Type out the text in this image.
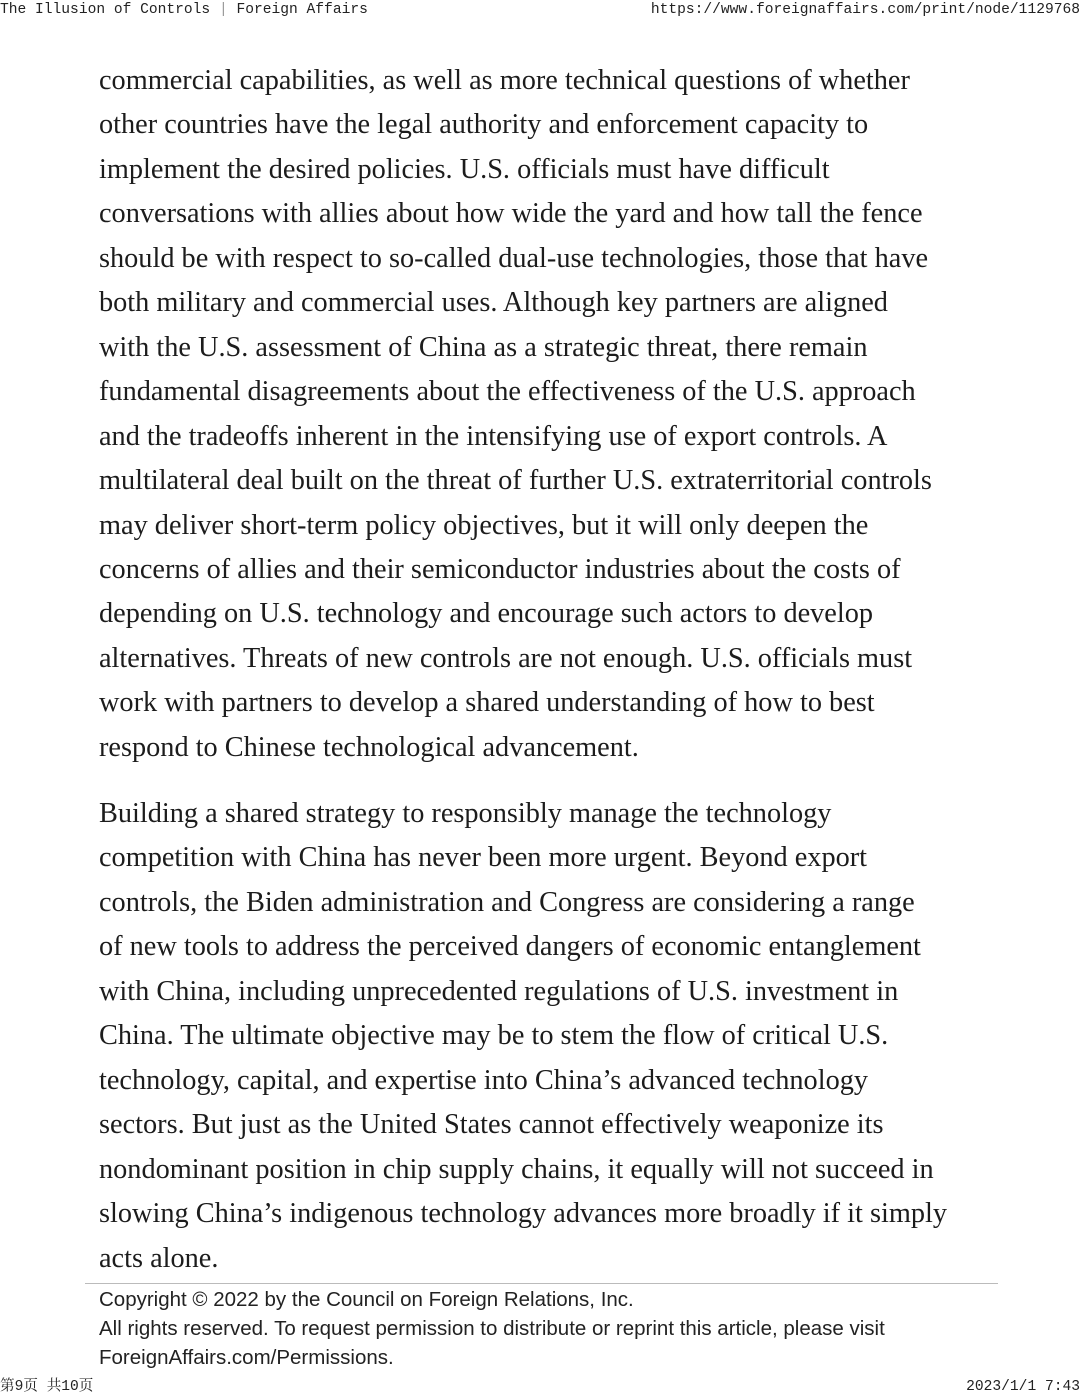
The Illusion of Controls | Foreign Affairs	https://www.foreignaffairs.com/print/node/1129768
commercial capabilities, as well as more technical questions of whether
other countries have the legal authority and enforcement capacity to
implement the desired policies. U.S. officials must have difficult
conversations with allies about how wide the yard and how tall the fence
should be with respect to so-called dual-use technologies, those that have
both military and commercial uses. Although key partners are aligned
with the U.S. assessment of China as a strategic threat, there remain
fundamental disagreements about the effectiveness of the U.S. approach
and the tradeoffs inherent in the intensifying use of export controls. A
multilateral deal built on the threat of further U.S. extraterritorial controls
may deliver short-term policy objectives, but it will only deepen the
concerns of allies and their semiconductor industries about the costs of
depending on U.S. technology and encourage such actors to develop
alternatives. Threats of new controls are not enough. U.S. officials must
work with partners to develop a shared understanding of how to best
respond to Chinese technological advancement.
Building a shared strategy to responsibly manage the technology
competition with China has never been more urgent. Beyond export
controls, the Biden administration and Congress are considering a range
of new tools to address the perceived dangers of economic entanglement
with China, including unprecedented regulations of U.S. investment in
China. The ultimate objective may be to stem the flow of critical U.S.
technology, capital, and expertise into China’s advanced technology
sectors. But just as the United States cannot effectively weaponize its
nondominant position in chip supply chains, it equally will not succeed in
slowing China’s indigenous technology advances more broadly if it simply
acts alone.
Copyright © 2022 by the Council on Foreign Relations, Inc.
All rights reserved. To request permission to distribute or reprint this article, please visit
ForeignAffairs.com/Permissions.
第9页 共10页	2023/1/1 7:43
